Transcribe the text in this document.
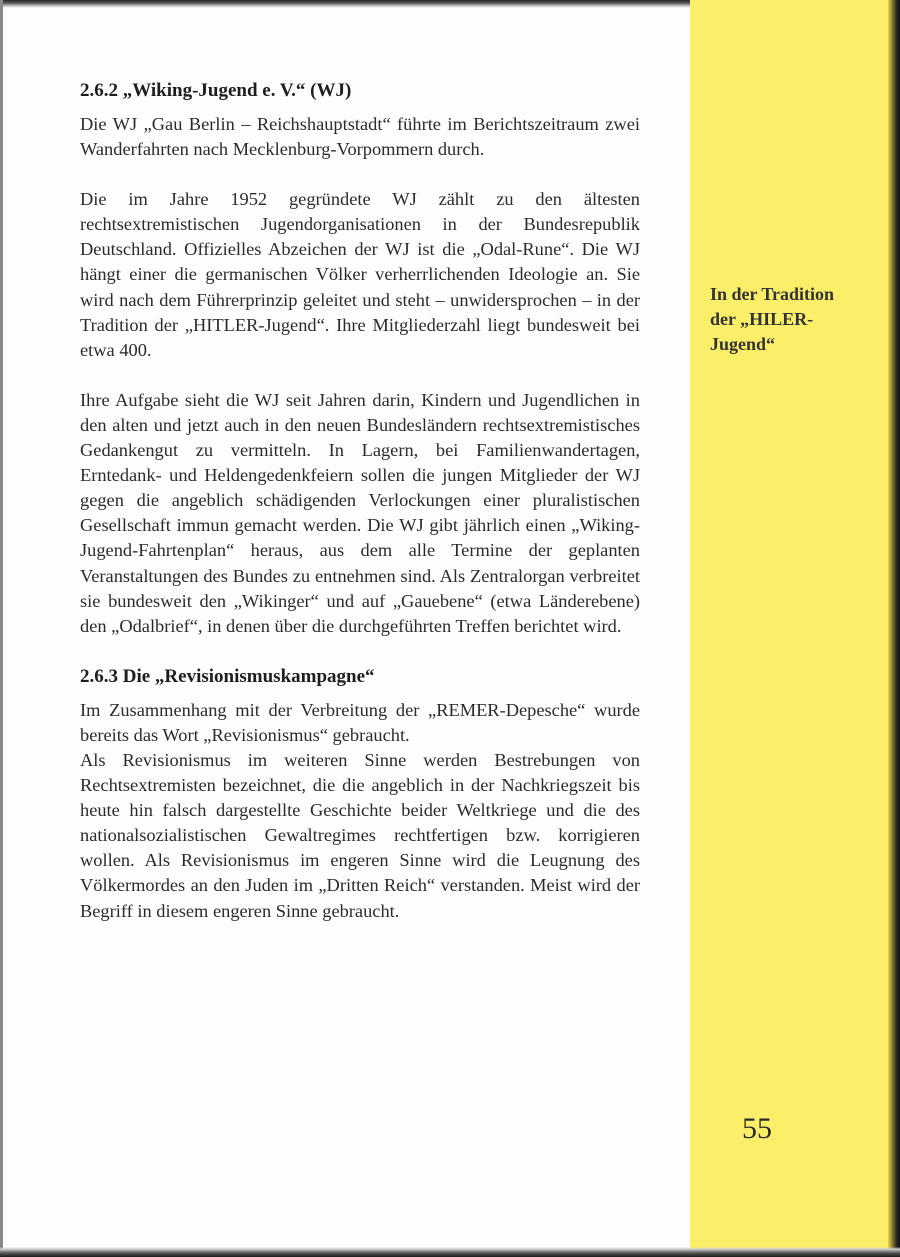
2.6.2 „Wiking-Jugend e. V.“ (WJ)

Die WJ „Gau Berlin – Reichshauptstadt“ führte im Berichtszeitraum zwei Wanderfahrten nach Mecklenburg-Vorpommern durch.

Die im Jahre 1952 gegründete WJ zählt zu den ältesten rechtsextremistischen Jugendorganisationen in der Bundesrepublik Deutschland. Offizielles Abzeichen der WJ ist die „Odal-Rune“. Die WJ hängt einer die germanischen Völker verherrlichenden Ideologie an. Sie wird nach dem Führerprinzip geleitet und steht – unwidersprochen – in der Tradition der „HITLER-Jugend“. Ihre Mitgliederzahl liegt bundesweit bei etwa 400.

Ihre Aufgabe sieht die WJ seit Jahren darin, Kindern und Jugendlichen in den alten und jetzt auch in den neuen Bundesländern rechtsextremistisches Gedankengut zu vermitteln. In Lagern, bei Familienwandertagen, Erntedank- und Heldengedenkfeiern sollen die jungen Mitglieder der WJ gegen die angeblich schädigenden Verlockungen einer pluralistischen Gesellschaft immun gemacht werden. Die WJ gibt jährlich einen „Wiking-Jugend-Fahrtenplan“ heraus, aus dem alle Termine der geplanten Veranstaltungen des Bundes zu entnehmen sind. Als Zentralorgan verbreitet sie bundesweit den „Wikinger“ und auf „Gauebene“ (etwa Länderebene) den „Odalbrief“, in denen über die durchgeführten Treffen berichtet wird.

2.6.3 Die „Revisionismuskampagne“

Im Zusammenhang mit der Verbreitung der „REMER-Depesche“ wurde bereits das Wort „Revisionismus“ gebraucht.

Als Revisionismus im weiteren Sinne werden Bestrebungen von Rechtsextremisten bezeichnet, die die angeblich in der Nachkriegszeit bis heute hin falsch dargestellte Geschichte beider Weltkriege und die des nationalsozialistischen Gewaltregimes rechtfertigen bzw. korrigieren wollen. Als Revisionismus im engeren Sinne wird die Leugnung des Völkermordes an den Juden im „Dritten Reich“ verstanden. Meist wird der Begriff in diesem engeren Sinne gebraucht.

In der Tradition der „HILER-Jugend“
55
